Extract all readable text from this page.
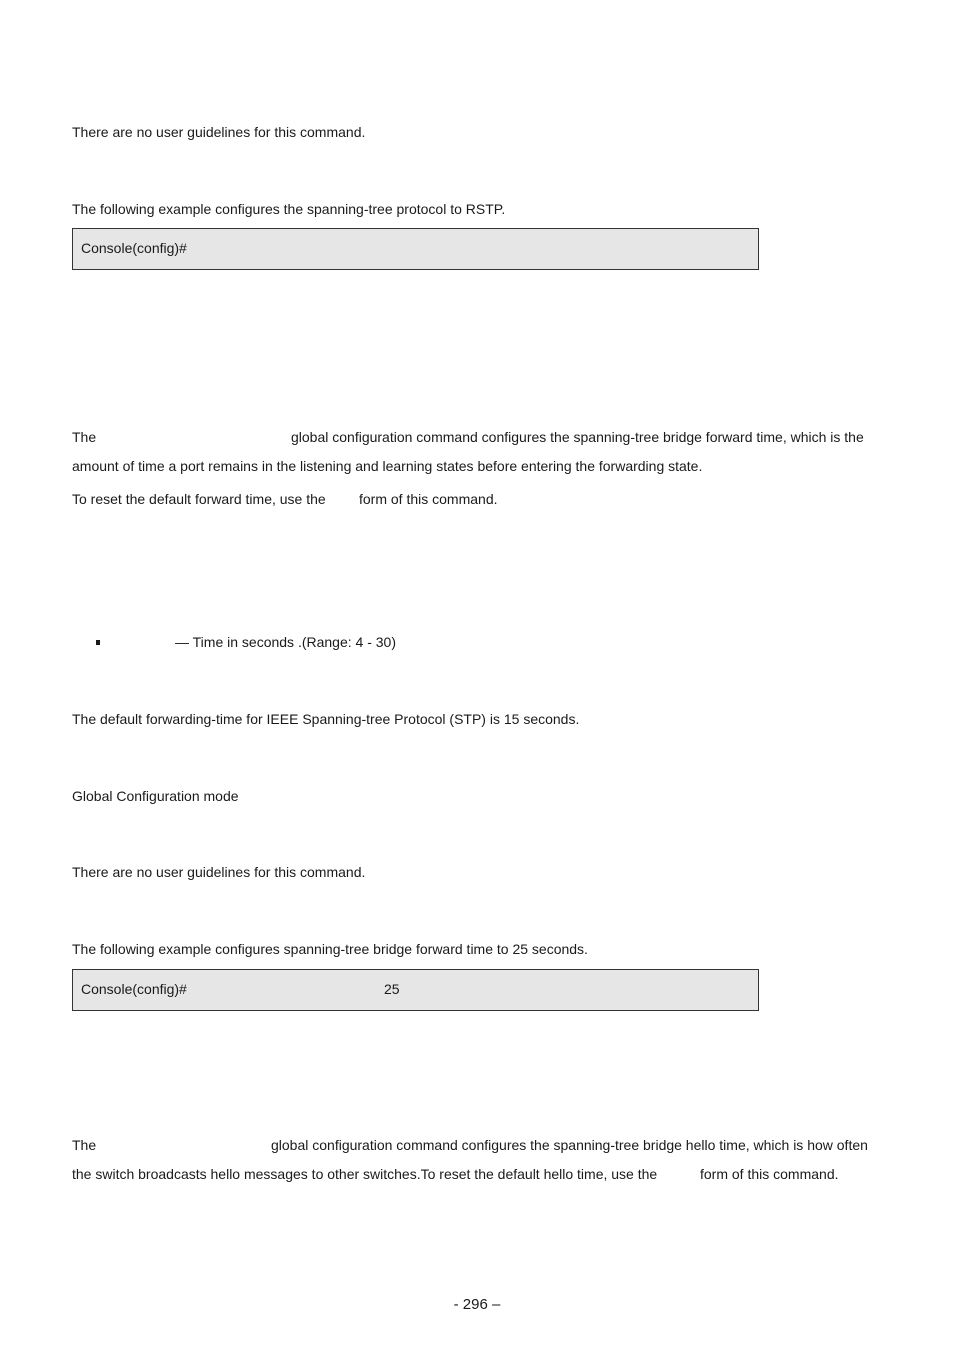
There are no user guidelines for this command.
The following example configures the spanning-tree protocol to RSTP.
Console(config)#
The	global configuration command configures the spanning-tree bridge forward time, which is the
amount of time a port remains in the listening and learning states before entering the forwarding state.
To reset the default forward time, use the form of this command.
— Time in seconds .(Range: 4 - 30)
The default forwarding-time for IEEE Spanning-tree Protocol (STP) is 15 seconds.
Global Configuration mode
There are no user guidelines for this command.
The following example configures spanning-tree bridge forward time to 25 seconds.
Console(config)#	25
The	global configuration command configures the spanning-tree bridge hello time, which is how often
the switch broadcasts hello messages to other switches.To reset the default hello time, use the	form of this command.
- 296 –
